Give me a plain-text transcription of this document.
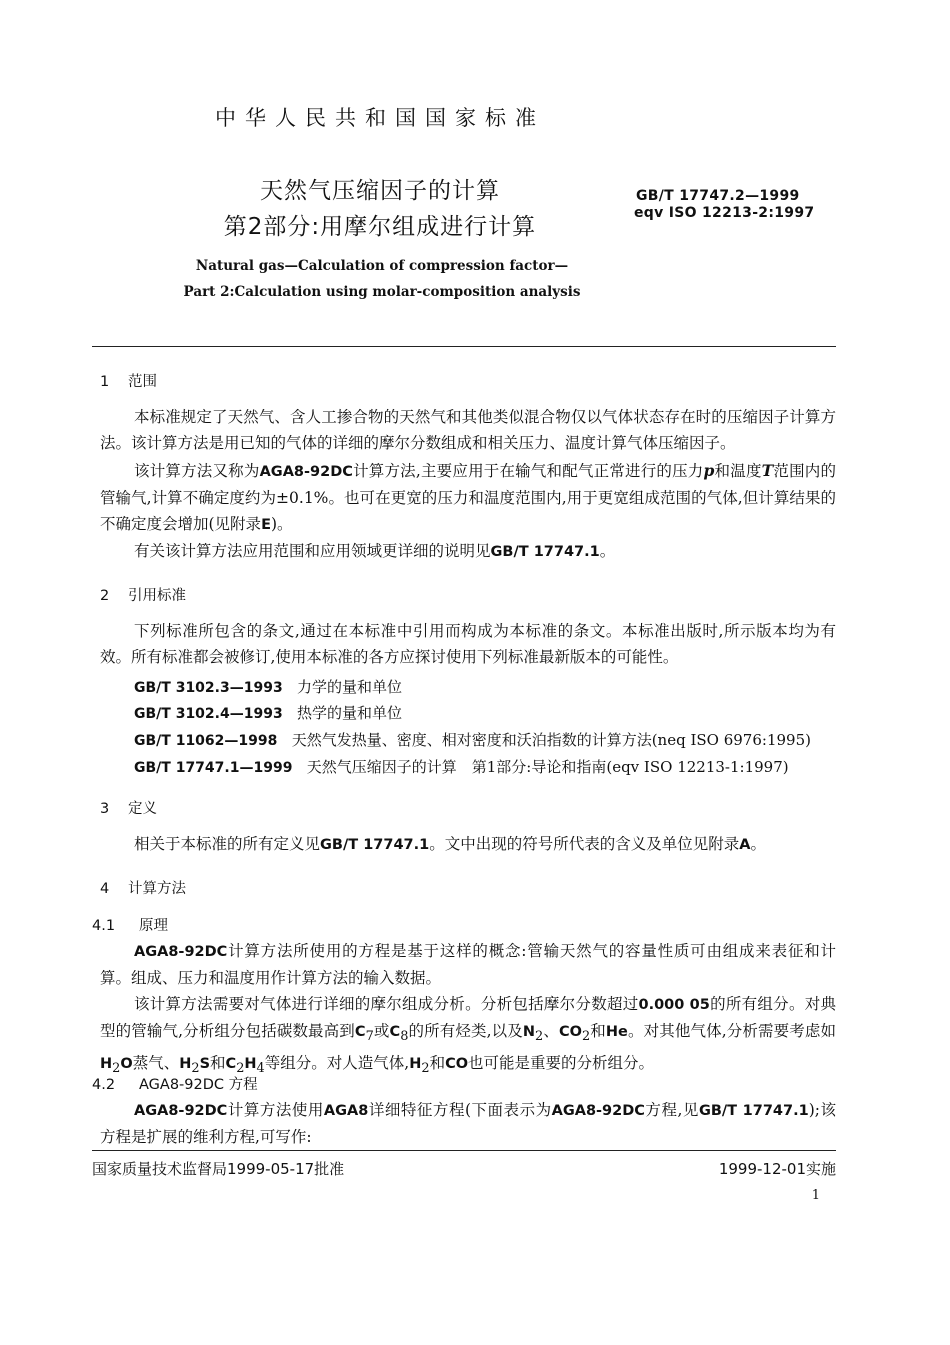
中华人民共和国国家标准
天然气压缩因子的计算
第2部分:用摩尔组成进行计算
GB/T 17747.2—1999
eqv ISO 12213-2:1997
Natural gas—Calculation of compression factor—
Part 2:Calculation using molar-composition analysis
1 范围
本标准规定了天然气、含人工掺合物的天然气和其他类似混合物仅以气体状态存在时的压缩因子计算方法。该计算方法是用已知的气体的详细的摩尔分数组成和相关压力、温度计算气体压缩因子。
该计算方法又称为AGA8-92DC计算方法,主要应用于在输气和配气正常进行的压力p和温度T范围内的管输气,计算不确定度约为±0.1%。也可在更宽的压力和温度范围内,用于更宽组成范围的气体,但计算结果的不确定度会增加(见附录E)。
有关该计算方法应用范围和应用领域更详细的说明见GB/T 17747.1。
2 引用标准
下列标准所包含的条文,通过在本标准中引用而构成为本标准的条文。本标准出版时,所示版本均为有效。所有标准都会被修订,使用本标准的各方应探讨使用下列标准最新版本的可能性。
GB/T 3102.3—1993 力学的量和单位
GB/T 3102.4—1993 热学的量和单位
GB/T 11062—1998 天然气发热量、密度、相对密度和沃泊指数的计算方法(neq ISO 6976:1995)
GB/T 17747.1—1999 天然气压缩因子的计算　第1部分:导论和指南(eqv ISO 12213-1:1997)
3 定义
相关于本标准的所有定义见GB/T 17747.1。文中出现的符号所代表的含义及单位见附录A。
4 计算方法
4.1 原理
AGA8-92DC计算方法所使用的方程是基于这样的概念:管输天然气的容量性质可由组成来表征和计算。组成、压力和温度用作计算方法的输入数据。
该计算方法需要对气体进行详细的摩尔组成分析。分析包括摩尔分数超过0.000 05的所有组分。对典型的管输气,分析组分包括碳数最高到$C_7$或$C_8$的所有烃类,以及$N_2$、$CO_2$和He。对其他气体,分析需要考虑如$H_2O$蒸气、$H_2S$和$C_2H_4$等组分。对人造气体$,H_2$和CO也可能是重要的分析组分。
4.2 AGA8-92DC 方程
AGA8-92DC计算方法使用AGA8详细特征方程(下面表示为AGA8-92DC方程,见GB/T 17747.1);该方程是扩展的维利方程,可写作:
国家质量技术监督局1999-05-17批准	1999-12-01实施
1
